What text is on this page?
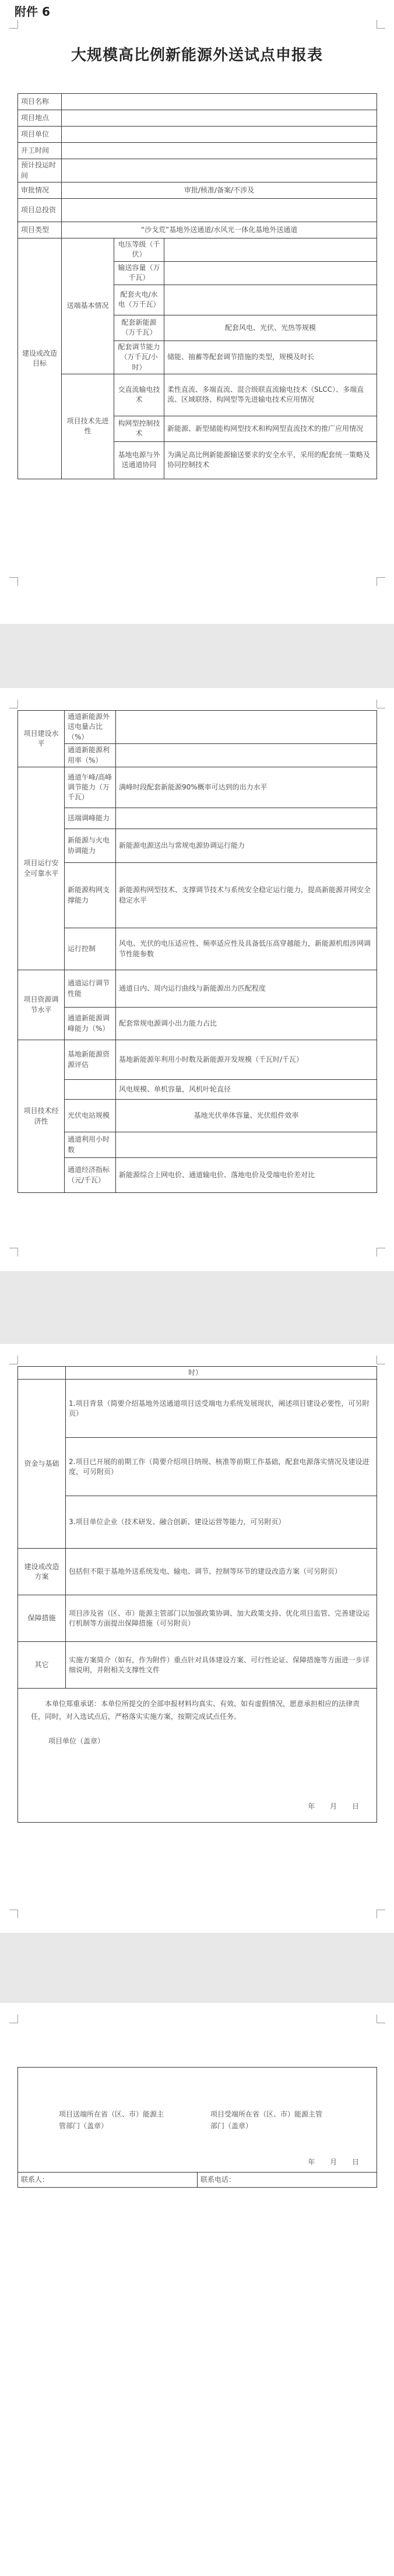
附件 6
大规模高比例新能源外送试点申报表
项目名称			
项目地点			
项目单位			
开工时间			
预计投运时间			
审批情况	审批/核准/备案/不涉及		
项目总投资			
项目类型	“沙戈荒”基地外送通道/水风光一体化基地外送通道		
建设或改造目标	送端基本情况	电压等级（千伏）	
		输送容量（万千瓦）	
		配套火电/水电（万千瓦）	
		配套新能源（万千瓦）	配套风电、光伏、光热等规模
		配套调节能力（万千瓦/小时）	储能、抽蓄等配套调节措施的类型，规模及时长
	项目技术先进性	交直流输电技术	柔性直流、多端直流、混合级联直流输电技术（SLCC）、多端直流、区域联络、构网型等先进输电技术应用情况
		构网型控制技术	新能源、新型储能构网型技术和构网型直流技术的推广应用情况
		基地电源与外送通道协同	为满足高比例新能源输送要求的安全水平，采用的配套统一策略及协同控制技术
项目建设水平	通道新能源外送电量占比（%）	
	通道新能源利用率（%）	
项目运行安全可靠水平	通道午峰/高峰调节能力（万千瓦）	满峰时段配套新能源90%概率可达到的出力水平
	送端调峰能力	
	新能源与火电协调能力	新能源电源送出与常规电源协调运行能力
	新能源构网支撑能力	新能源构网型技术、支撑调节技术与系统安全稳定运行能力，提高新能源并网安全稳定水平
	运行控制	风电、光伏的电压适应性、频率适应性及具备低压高穿越能力，新能源机组涉网调节性能参数
项目资源调节水平	通道运行调节性能	通道日内、周内运行曲线与新能源出力匹配程度
	通道新能源调峰能力（%）	配套常规电源调小出力能力占比
项目技术经济性	基地新能源资源评估	基地新能源年利用小时数及新能源开发规模（千瓦时/千瓦）
		风电规模、单机容量，风机叶轮直径
	光伏电站规模	基地光伏单体容量、光伏组件效率
	通道利用小时数	
	通道经济指标（元/千瓦）	新能源综合上网电价、通道输电价、落地电价及受端电价差对比
	时）
资金与基础	1.项目背景（简要介绍基地外送通道项目送受端电力系统发展现状，阐述项目建设必要性，可另附页）
	2.项目已开展的前期工作（简要介绍项目纳规、核准等前期工作基础，配套电源落实情况及建设进度，可另附页）
	3.项目单位企业（技术研发、融合创新、建设运营等能力，可另附页）
建设或改造方案	包括但不限于基地外送系统发电、输电、调节、控制等环节的建设改造方案（可另附页）
保障措施	项目涉及省（区、市）能源主管部门以加强政策协调、加大政策支持、优化项目监管、完善建设运行机制等方面提出保障措施（可另附页）
其它	实施方案简介（如有，作为附件）重点针对具体建设方案、可行性论证、保障措施等方面进一步详细说明，并附相关支撑性文件

本单位郑重承诺：本单位所提交的全部申报材料均真实、有效、如有虚假情况，愿意承担相应的法律责任，同时，对入选试点后，严格落实实施方案，按期完成试点任务。
项目单位（盖章）
年 月 日	
项目送端所在省（区、市）能源主管部门（盖章）
项目受端所在省（区、市）能源主管部门（盖章）
年 月 日

联系人：	联系电话：
